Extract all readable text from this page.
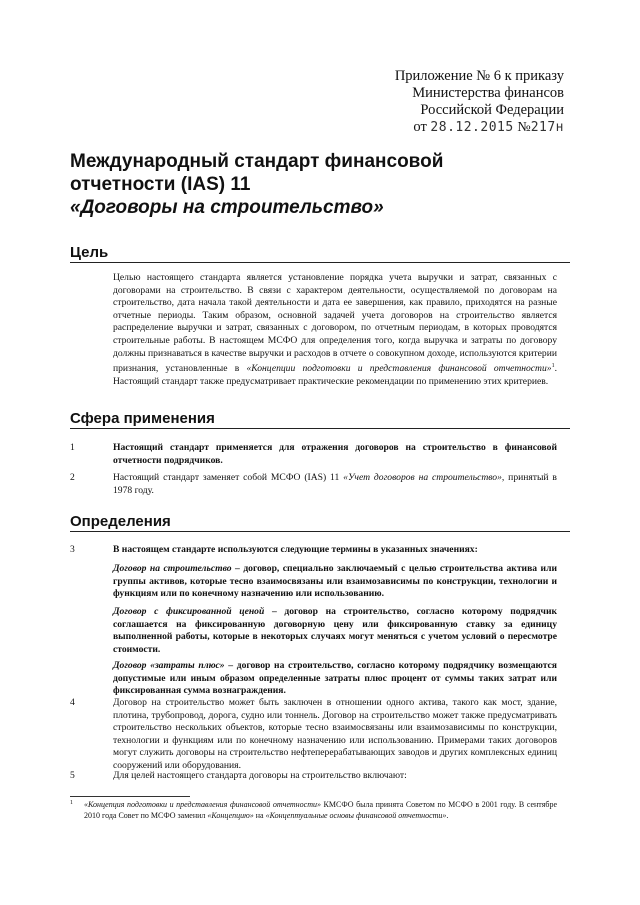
Приложение № 6 к приказу
Министерства финансов
Российской Федерации
от 28.12.2015 №217н
Международный стандарт финансовой
отчетности (IAS) 11
«Договоры на строительство»
Цель
Целью настоящего стандарта является установление порядка учета выручки и затрат, связанных с договорами на строительство. В связи с характером деятельности, осуществляемой по договорам на строительство, дата начала такой деятельности и дата ее завершения, как правило, приходятся на разные отчетные периоды. Таким образом, основной задачей учета договоров на строительство является распределение выручки и затрат, связанных с договором, по отчетным периодам, в которых проводятся строительные работы. В настоящем МСФО для определения того, когда выручка и затраты по договору должны признаваться в качестве выручки и расходов в отчете о совокупном доходе, используются критерии признания, установленные в «Концепции подготовки и представления финансовой отчетности»$^1$. Настоящий стандарт также предусматривает практические рекомендации по применению этих критериев.
Сфера применения
1	Настоящий стандарт применяется для отражения договоров на строительство в финансовой отчетности подрядчиков.
2	Настоящий стандарт заменяет собой МСФО (IAS) 11 «Учет договоров на строительство», принятый в 1978 году.
Определения
3	В настоящем стандарте используются следующие термины в указанных значениях:
Договор на строительство – договор, специально заключаемый с целью строительства актива или группы активов, которые тесно взаимосвязаны или взаимозависимы по конструкции, технологии и функциям или по конечному назначению или использованию.
Договор с фиксированной ценой – договор на строительство, согласно которому подрядчик соглашается на фиксированную договорную цену или фиксированную ставку за единицу выполненной работы, которые в некоторых случаях могут меняться с учетом условий о пересмотре стоимости.
Договор «затраты плюс» – договор на строительство, согласно которому подрядчику возмещаются допустимые или иным образом определенные затраты плюс процент от суммы таких затрат или фиксированная сумма вознаграждения.
4	Договор на строительство может быть заключен в отношении одного актива, такого как мост, здание, плотина, трубопровод, дорога, судно или тоннель. Договор на строительство может также предусматривать строительство нескольких объектов, которые тесно взаимосвязаны или взаимозависимы по конструкции, технологии и функциям или по конечному назначению или использованию. Примерами таких договоров могут служить договоры на строительство нефтеперерабатывающих заводов и других комплексных единиц сооружений или оборудования.
5	Для целей настоящего стандарта договоры на строительство включают:
1	«Концепция подготовки и представления финансовой отчетности» КМСФО была принята Советом по МСФО в 2001 году. В сентябре 2010 года Совет по МСФО заменил «Концепцию» на «Концептуальные основы финансовой отчетности».
